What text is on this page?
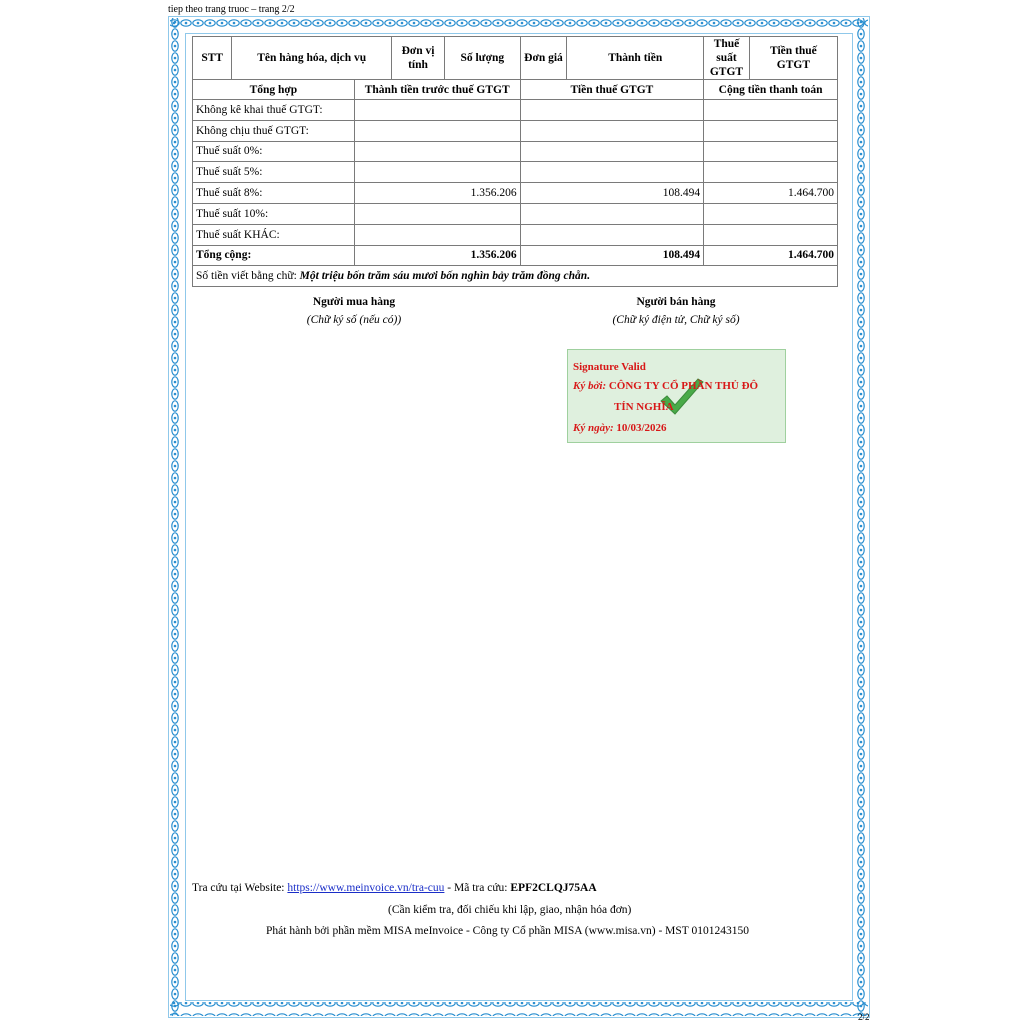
tiep theo trang truoc – trang 2/2
STT	Tên hàng hóa, dịch vụ		Đơn vị tính	Số lượng	Đơn giá	Thành tiền	Thuế suất GTGT	Tiền thuế GTGT
Tổng hợp		Thành tiền trước thuế GTGT			Tiền thuế GTGT		Cộng tiền thanh toán	
Không kê khai thuế GTGT:								
Không chịu thuế GTGT:								
Thuế suất 0%:								
Thuế suất 5%:								
Thuế suất 8%:		1.356.206			108.494		1.464.700	
Thuế suất 10%:								
Thuế suất KHÁC:								
Tổng cộng:		1.356.206			108.494		1.464.700	
Số tiền viết bằng chữ: Một triệu bốn trăm sáu mươi bốn nghìn bảy trăm đồng chẵn.								
Người mua hàng
(Chữ ký số (nếu có))
Người bán hàng
(Chữ ký điện tử, Chữ ký số)
Signature Valid
Ký bởi: CÔNG TY CỔ PHẦN THỦ ĐÔ
TÍN NGHĨA
Ký ngày: 10/03/2026
Tra cứu tại Website: https://www.meinvoice.vn/tra-cuu - Mã tra cứu: EPF2CLQJ75AA
(Cần kiểm tra, đối chiếu khi lập, giao, nhận hóa đơn)
Phát hành bởi phần mềm MISA meInvoice - Công ty Cổ phần MISA (www.misa.vn) - MST 0101243150
2/2
